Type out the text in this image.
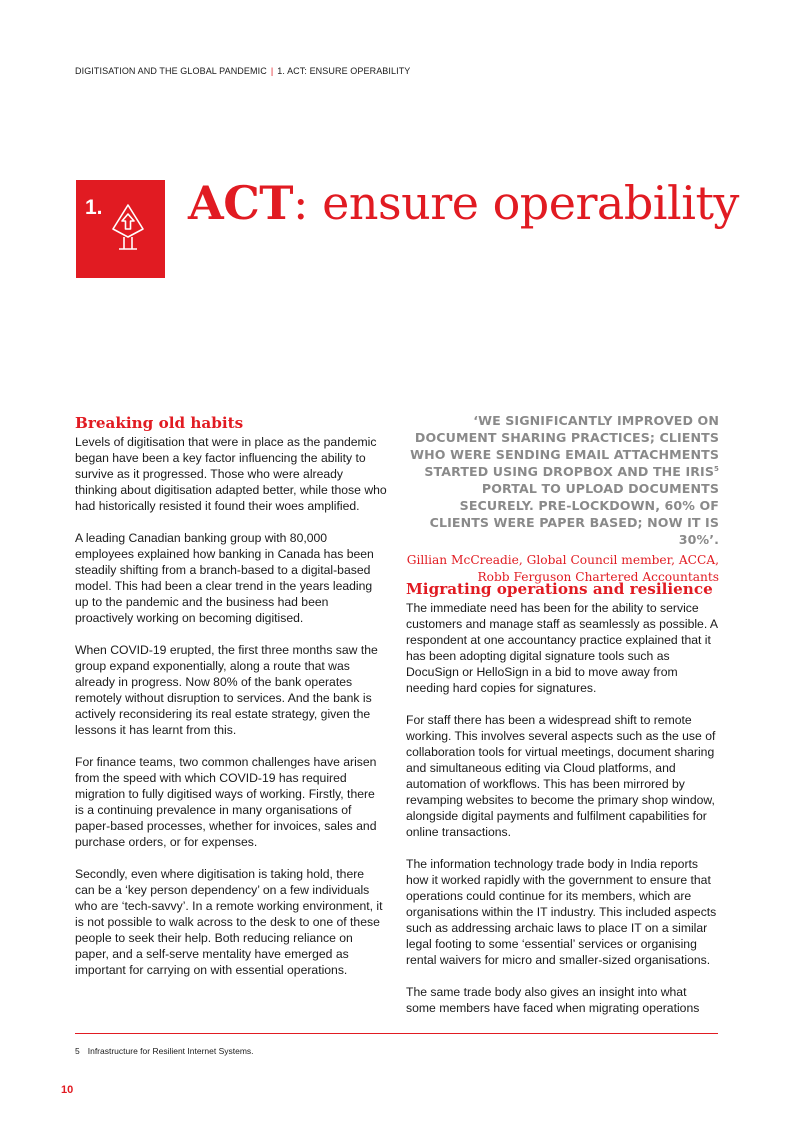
DIGITISATION AND THE GLOBAL PANDEMIC | 1. ACT: ENSURE OPERABILITY
1. ACT: ensure operability
Breaking old habits

Levels of digitisation that were in place as the pandemic began have been a key factor influencing the ability to survive as it progressed. Those who were already thinking about digitisation adapted better, while those who had historically resisted it found their woes amplified.

A leading Canadian banking group with 80,000 employees explained how banking in Canada has been steadily shifting from a branch-based to a digital-based model. This had been a clear trend in the years leading up to the pandemic and the business had been proactively working on becoming digitised.

When COVID-19 erupted, the first three months saw the group expand exponentially, along a route that was already in progress. Now 80% of the bank operates remotely without disruption to services. And the bank is actively reconsidering its real estate strategy, given the lessons it has learnt from this.

For finance teams, two common challenges have arisen from the speed with which COVID-19 has required migration to fully digitised ways of working. Firstly, there is a continuing prevalence in many organisations of paper-based processes, whether for invoices, sales and purchase orders, or for expenses.

Secondly, even where digitisation is taking hold, there can be a ‘key person dependency’ on a few individuals who are ‘tech-savvy’. In a remote working environment, it is not possible to walk across to the desk to one of these people to seek their help. Both reducing reliance on paper, and a self-serve mentality have emerged as important for carrying on with essential operations.

‘WE SIGNIFICANTLY IMPROVED ON DOCUMENT SHARING PRACTICES; CLIENTS WHO WERE SENDING EMAIL ATTACHMENTS STARTED USING DROPBOX AND THE IRIS$^5$ PORTAL TO UPLOAD DOCUMENTS SECURELY. PRE-LOCKDOWN, 60% OF CLIENTS WERE PAPER BASED; NOW IT IS 30%’.
Gillian McCreadie, Global Council member, ACCA,
Robb Ferguson Chartered Accountants
Migrating operations and resilience

The immediate need has been for the ability to service customers and manage staff as seamlessly as possible. A respondent at one accountancy practice explained that it has been adopting digital signature tools such as DocuSign or HelloSign in a bid to move away from needing hard copies for signatures.

For staff there has been a widespread shift to remote working. This involves several aspects such as the use of collaboration tools for virtual meetings, document sharing and simultaneous editing via Cloud platforms, and automation of workflows. This has been mirrored by revamping websites to become the primary shop window, alongside digital payments and fulfilment capabilities for online transactions.

The information technology trade body in India reports how it worked rapidly with the government to ensure that operations could continue for its members, which are organisations within the IT industry. This included aspects such as addressing archaic laws to place IT on a similar legal footing to some ‘essential’ services or organising rental waivers for micro and smaller-sized organisations.

The same trade body also gives an insight into what some members have faced when migrating operations

5 Infrastructure for Resilient Internet Systems.
10
